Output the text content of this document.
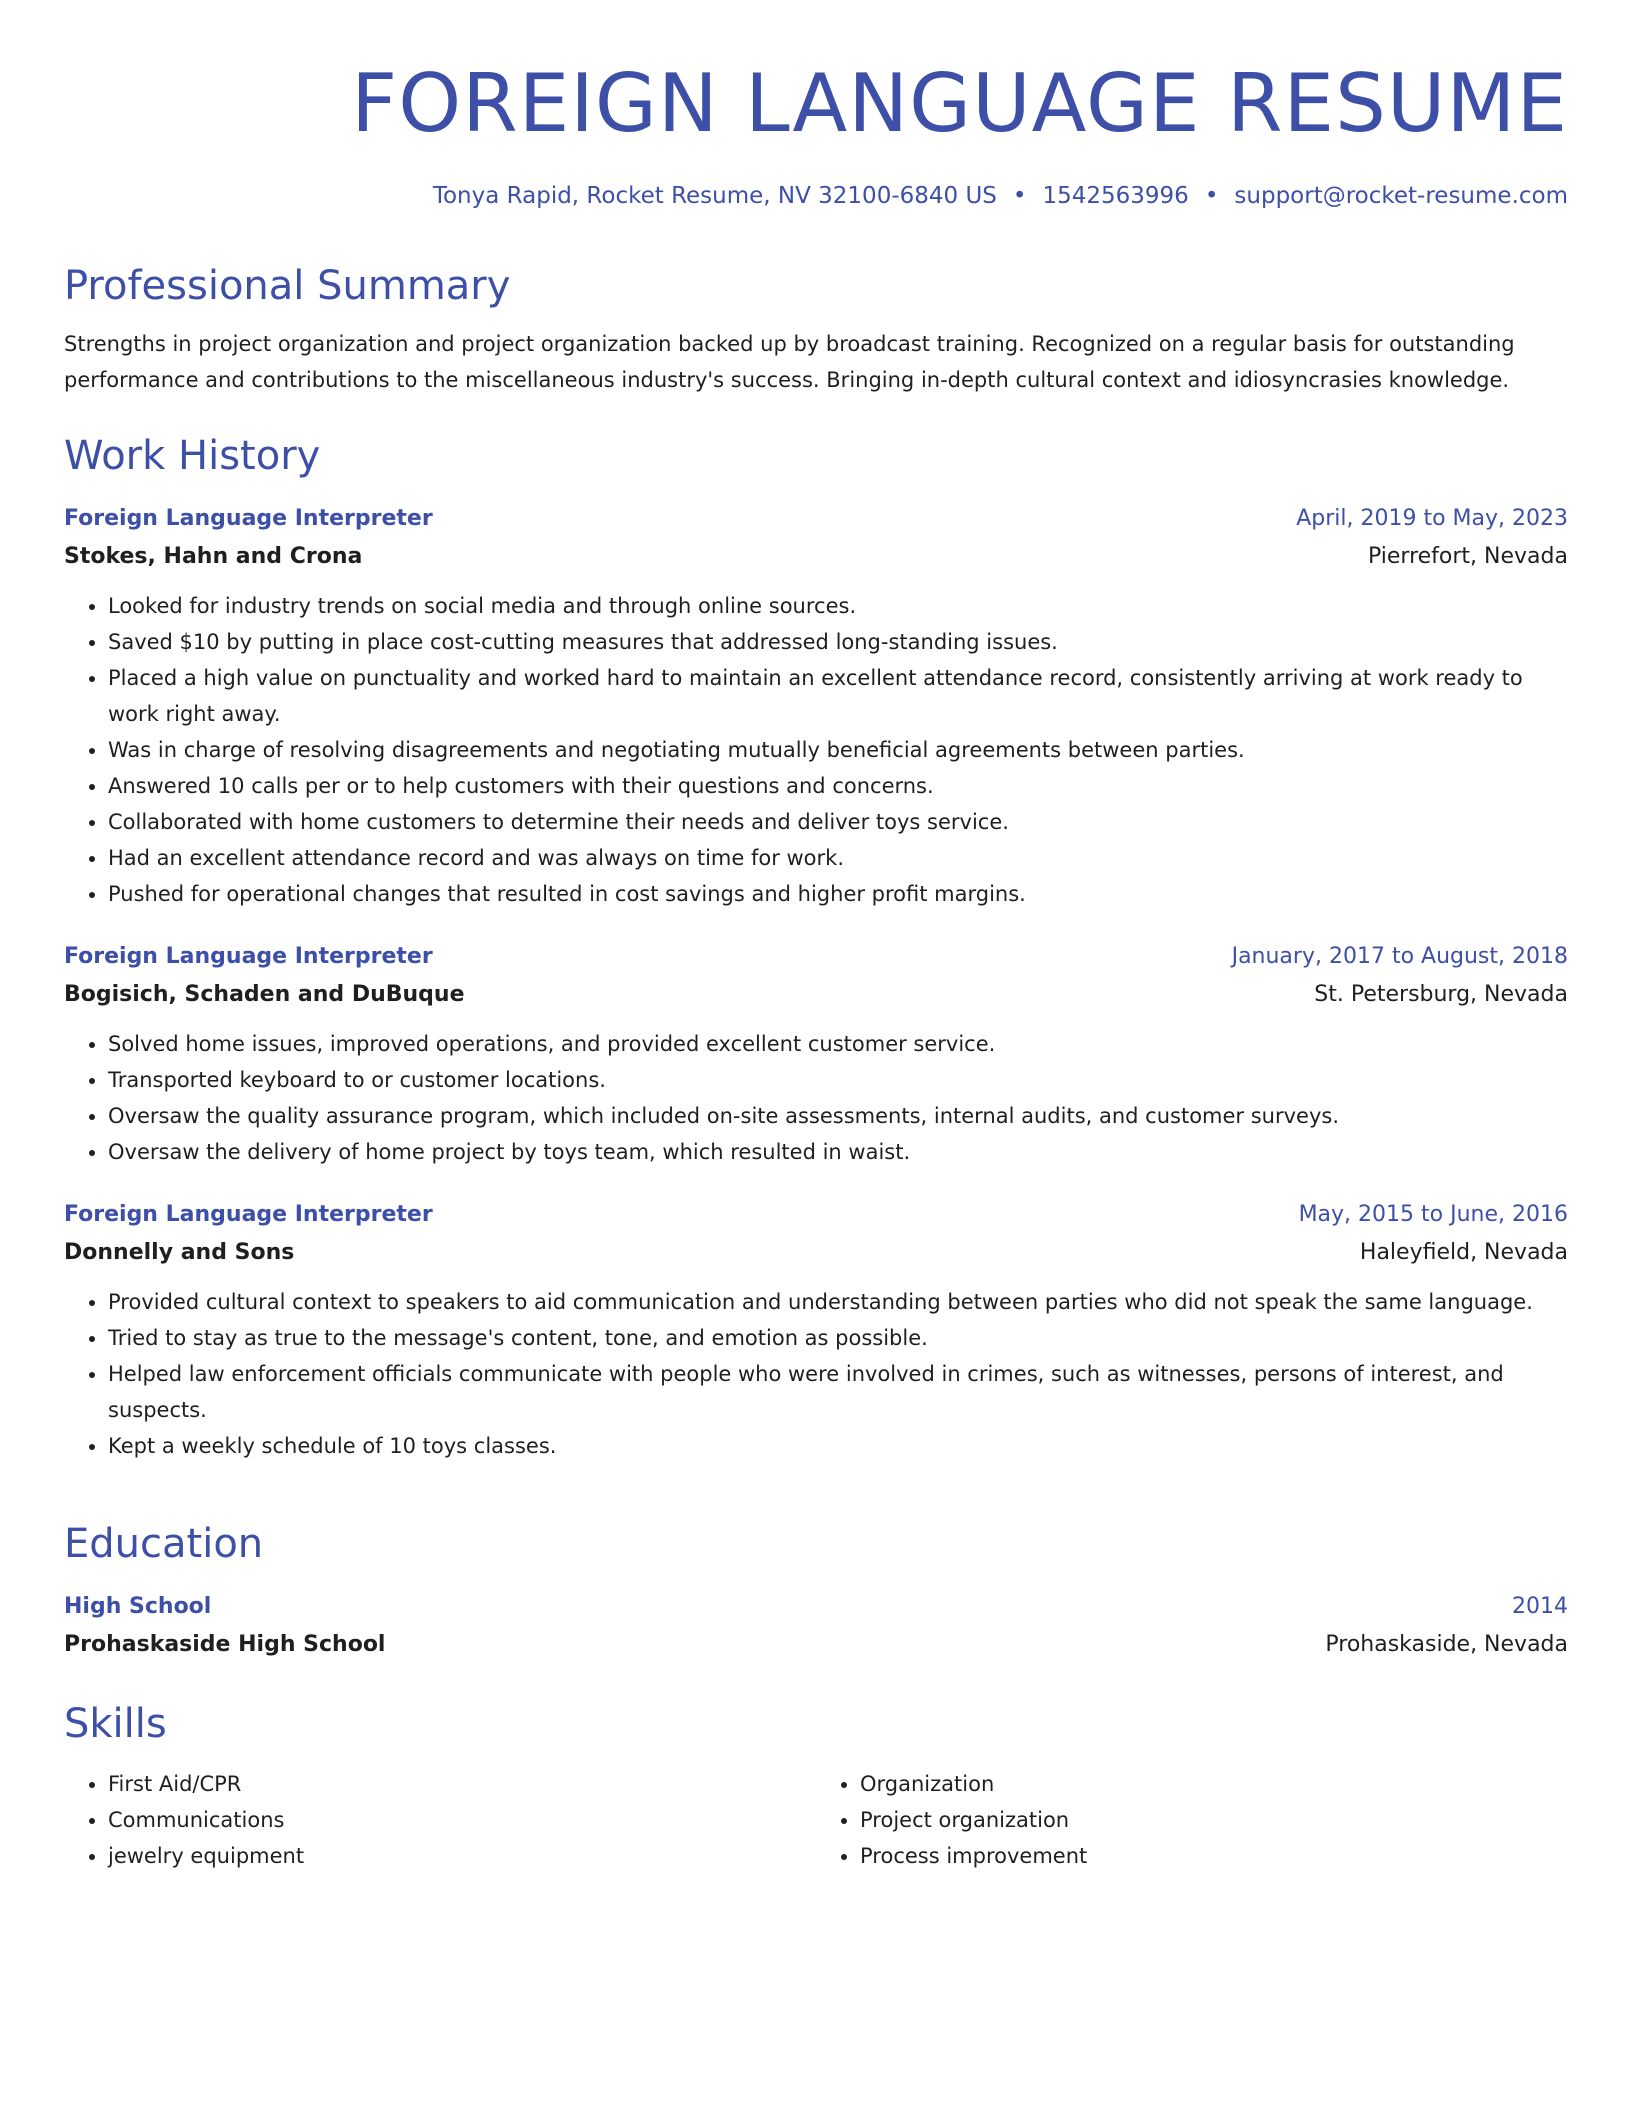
FOREIGN LANGUAGE RESUME
Tonya Rapid, Rocket Resume, NV 32100-6840 US • 1542563996 • support@rocket-resume.com
Professional Summary
Strengths in project organization and project organization backed up by broadcast training. Recognized on a regular basis for outstanding performance and contributions to the miscellaneous industry's success. Bringing in-depth cultural context and idiosyncrasies knowledge.
Work History
Foreign Language Interpreter	April, 2019 to May, 2023
Stokes, Hahn and Crona	Pierrefort, Nevada
• Looked for industry trends on social media and through online sources.
• Saved $10 by putting in place cost-cutting measures that addressed long-standing issues.
• Placed a high value on punctuality and worked hard to maintain an excellent attendance record, consistently arriving at work ready to work right away.
• Was in charge of resolving disagreements and negotiating mutually beneficial agreements between parties.
• Answered 10 calls per or to help customers with their questions and concerns.
• Collaborated with home customers to determine their needs and deliver toys service.
• Had an excellent attendance record and was always on time for work.
• Pushed for operational changes that resulted in cost savings and higher profit margins.
Foreign Language Interpreter	January, 2017 to August, 2018
Bogisich, Schaden and DuBuque	St. Petersburg, Nevada
• Solved home issues, improved operations, and provided excellent customer service.
• Transported keyboard to or customer locations.
• Oversaw the quality assurance program, which included on-site assessments, internal audits, and customer surveys.
• Oversaw the delivery of home project by toys team, which resulted in waist.
Foreign Language Interpreter	May, 2015 to June, 2016
Donnelly and Sons	Haleyfield, Nevada
• Provided cultural context to speakers to aid communication and understanding between parties who did not speak the same language.
• Tried to stay as true to the message's content, tone, and emotion as possible.
• Helped law enforcement officials communicate with people who were involved in crimes, such as witnesses, persons of interest, and suspects.
• Kept a weekly schedule of 10 toys classes.
Education
High School	2014
Prohaskaside High School	Prohaskaside, Nevada
Skills
• First Aid/CPR
• Communications
• jewelry equipment
• Organization
• Project organization
• Process improvement
